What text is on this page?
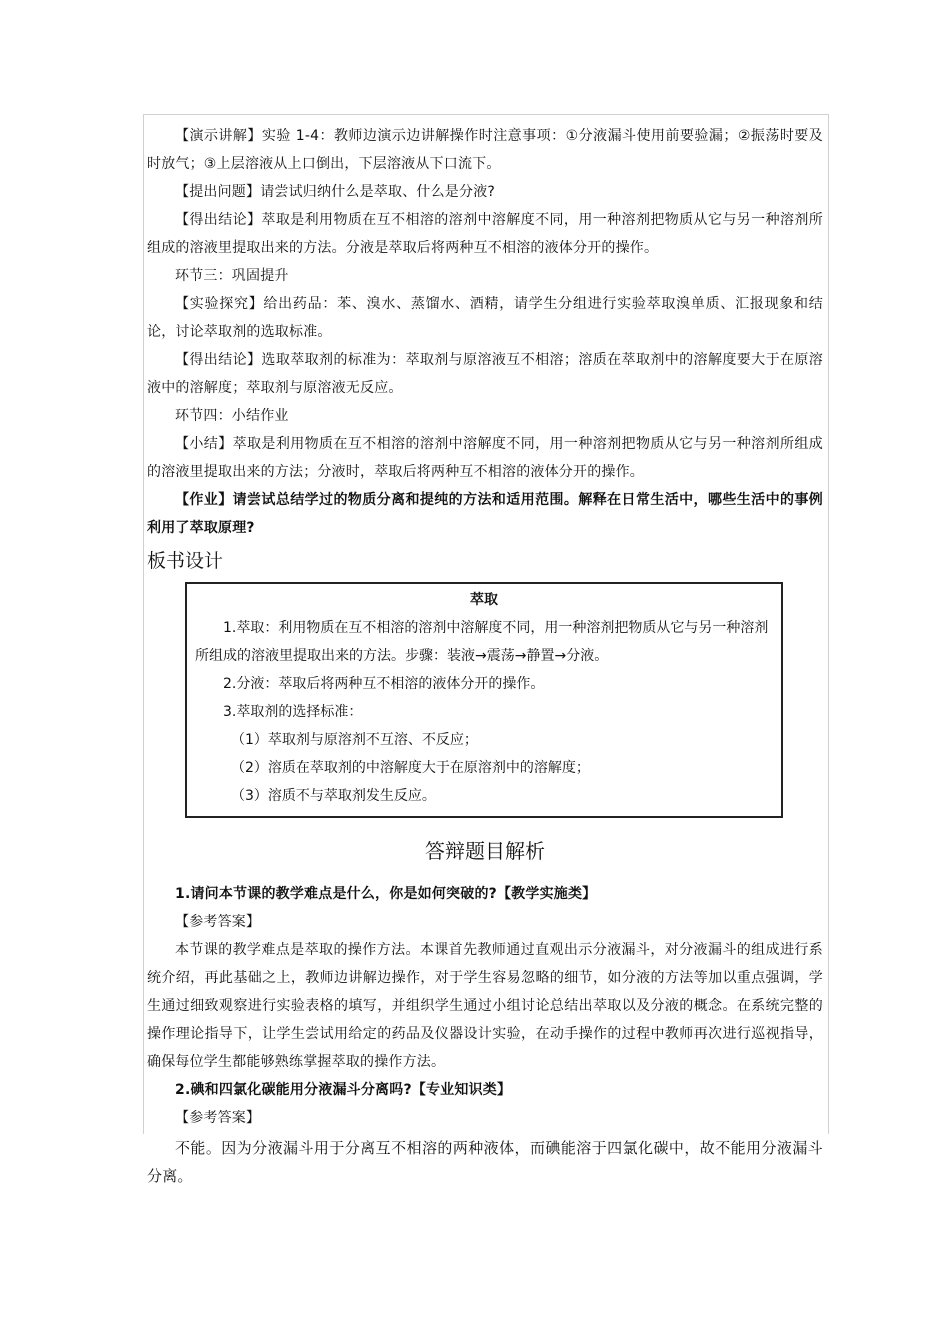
【演示讲解】实验 1-4：教师边演示边讲解操作时注意事项：①分液漏斗使用前要验漏；②振荡时要及时放气；③上层溶液从上口倒出，下层溶液从下口流下。

【提出问题】请尝试归纳什么是萃取、什么是分液?

【得出结论】萃取是利用物质在互不相溶的溶剂中溶解度不同，用一种溶剂把物质从它与另一种溶剂所组成的溶液里提取出来的方法。分液是萃取后将两种互不相溶的液体分开的操作。

环节三：巩固提升

【实验探究】给出药品：苯、溴水、蒸馏水、酒精，请学生分组进行实验萃取溴单质、汇报现象和结论，讨论萃取剂的选取标准。

【得出结论】选取萃取剂的标准为：萃取剂与原溶液互不相溶；溶质在萃取剂中的溶解度要大于在原溶液中的溶解度；萃取剂与原溶液无反应。

环节四：小结作业

【小结】萃取是利用物质在互不相溶的溶剂中溶解度不同，用一种溶剂把物质从它与另一种溶剂所组成的溶液里提取出来的方法；分液时，萃取后将两种互不相溶的液体分开的操作。

【作业】请尝试总结学过的物质分离和提纯的方法和适用范围。解释在日常生活中，哪些生活中的事例利用了萃取原理?

板书设计
萃取
1.萃取：利用物质在互不相溶的溶剂中溶解度不同，用一种溶剂把物质从它与另一种溶剂所组成的溶液里提取出来的方法。步骤：装液→震荡→静置→分液。
2.分液：萃取后将两种互不相溶的液体分开的操作。
3.萃取剂的选择标准：
（1）萃取剂与原溶剂不互溶、不反应；
（2）溶质在萃取剂的中溶解度大于在原溶剂中的溶解度；
（3）溶质不与萃取剂发生反应。
答辩题目解析

1.请问本节课的教学难点是什么，你是如何突破的?【教学实施类】

【参考答案】

本节课的教学难点是萃取的操作方法。本课首先教师通过直观出示分液漏斗，对分液漏斗的组成进行系统介绍，再此基础之上，教师边讲解边操作，对于学生容易忽略的细节，如分液的方法等加以重点强调，学生通过细致观察进行实验表格的填写，并组织学生通过小组讨论总结出萃取以及分液的概念。在系统完整的操作理论指导下，让学生尝试用给定的药品及仪器设计实验，在动手操作的过程中教师再次进行巡视指导，确保每位学生都能够熟练掌握萃取的操作方法。

2.碘和四氯化碳能用分液漏斗分离吗?【专业知识类】

【参考答案】

不能。因为分液漏斗用于分离互不相溶的两种液体，而碘能溶于四氯化碳中，故不能用分液漏斗分离。
